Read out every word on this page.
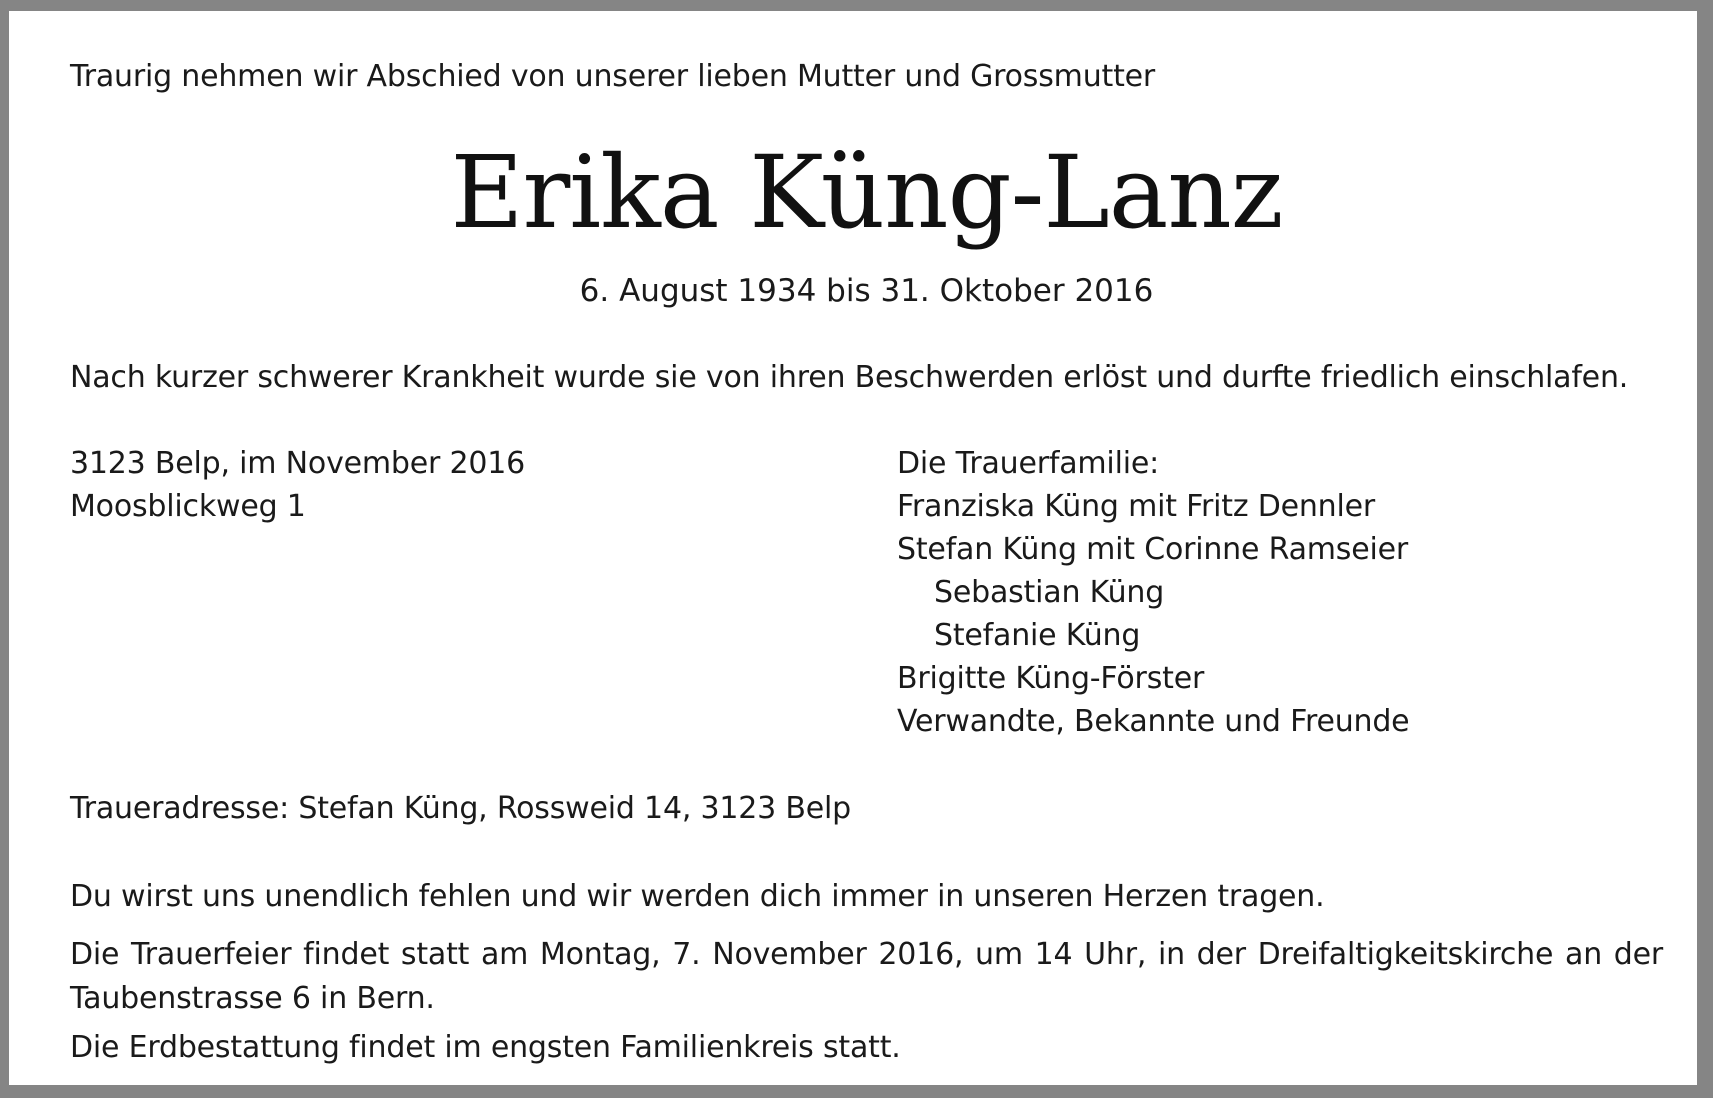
Traurig nehmen wir Abschied von unserer lieben Mutter und Grossmutter
Erika Küng-Lanz
6. August 1934 bis 31. Oktober 2016
Nach kurzer schwerer Krankheit wurde sie von ihren Beschwerden erlöst und durfte friedlich einschlafen.
3123 Belp, im November 2016
Moosblickweg 1
Die Trauerfamilie:
Franziska Küng mit Fritz Dennler
Stefan Küng mit Corinne Ramseier
Sebastian Küng
Stefanie Küng
Brigitte Küng-Förster
Verwandte, Bekannte und Freunde
Traueradresse: Stefan Küng, Rossweid 14, 3123 Belp
Du wirst uns unendlich fehlen und wir werden dich immer in unseren Herzen tragen.
Die Trauerfeier findet statt am Montag, 7. November 2016, um 14 Uhr, in der Dreifaltigkeitskirche an der
Taubenstrasse 6 in Bern.
Die Erdbestattung findet im engsten Familienkreis statt.
